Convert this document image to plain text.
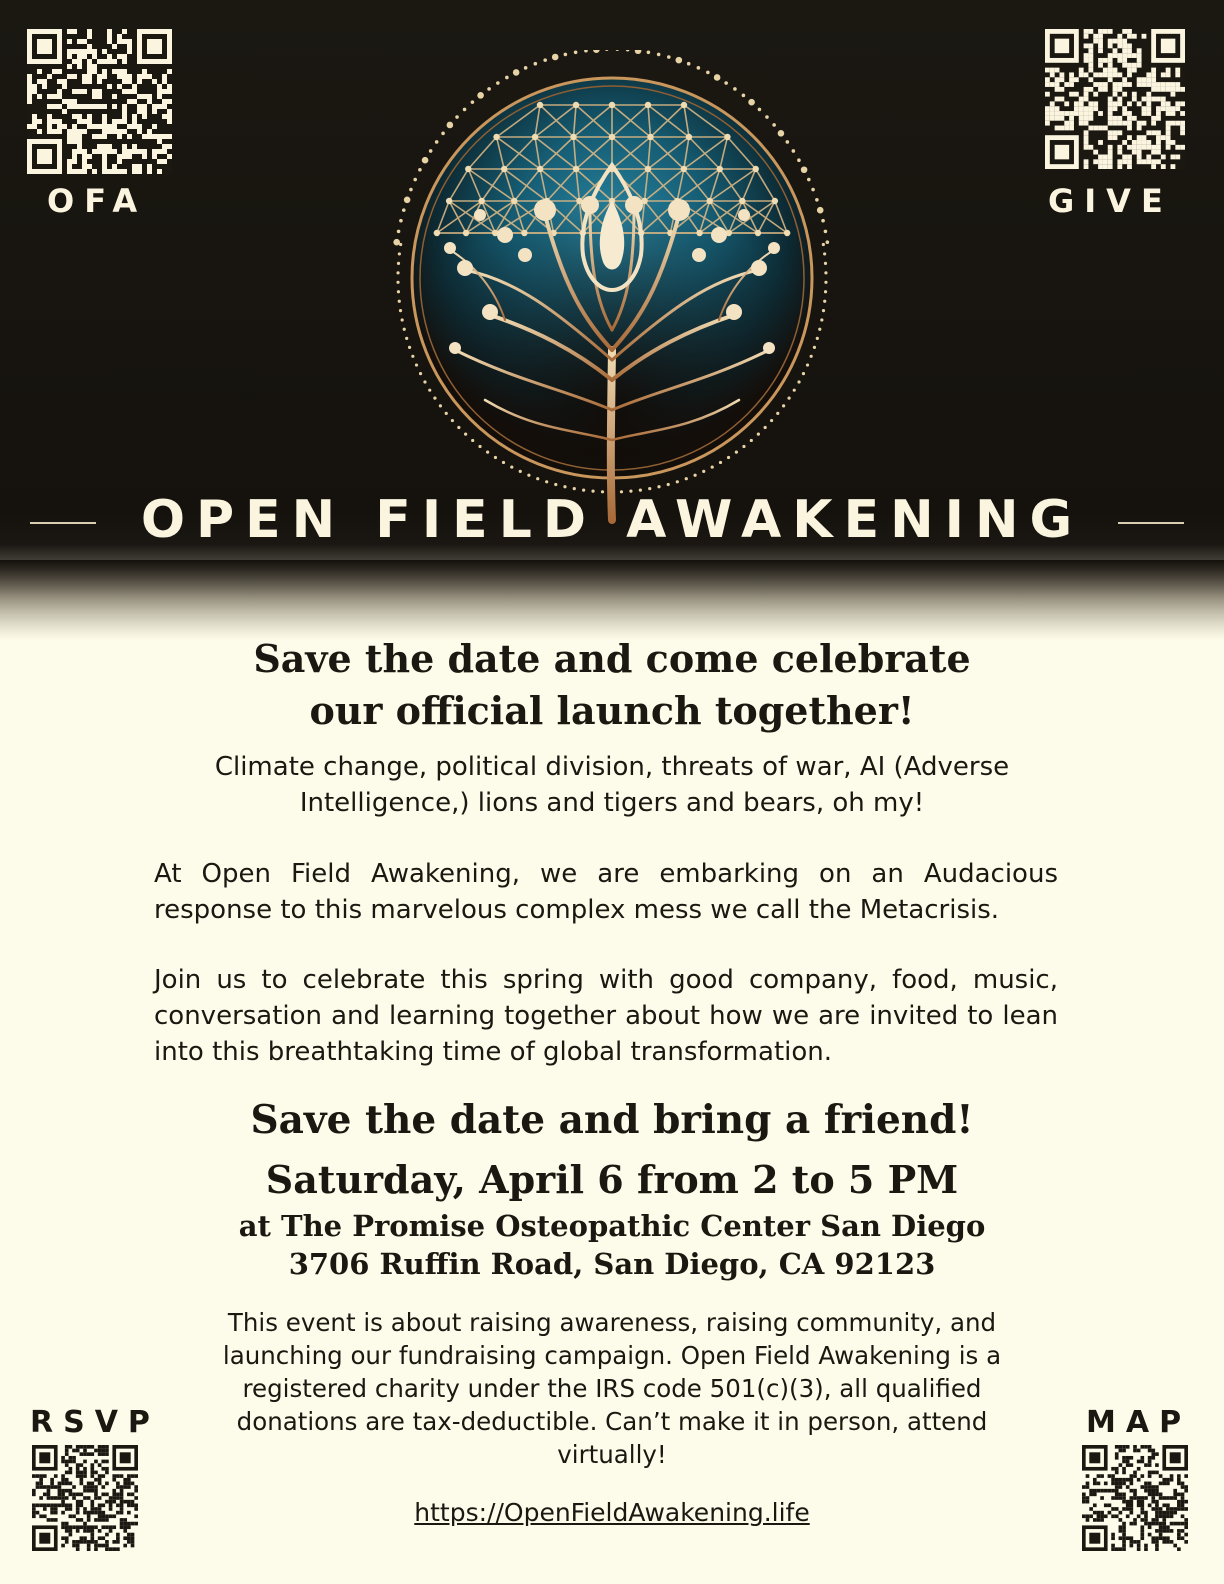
OFA	GIVE
RSVP	MAP
OPEN FIELD AWAKENING
Save the date and come celebrate
our official launch together!
Climate change, political division, threats of war, AI (Adverse Intelligence,) lions and tigers and bears, oh my!
At Open Field Awakening, we are embarking on an Audacious response to this marvelous complex mess we call the Metacrisis.
Join us to celebrate this spring with good company, food, music, conversation and learning together about how we are invited to lean into this breathtaking time of global transformation.
Save the date and bring a friend!
Saturday, April 6 from 2 to 5 PM
at The Promise Osteopathic Center San Diego
3706 Ruffin Road, San Diego, CA 92123
This event is about raising awareness, raising community, and launching our fundraising campaign. Open Field Awakening is a registered charity under the IRS code 501(c)(3), all qualified donations are tax-deductible. Can’t make it in person, attend virtually!
https://OpenFieldAwakening.life
